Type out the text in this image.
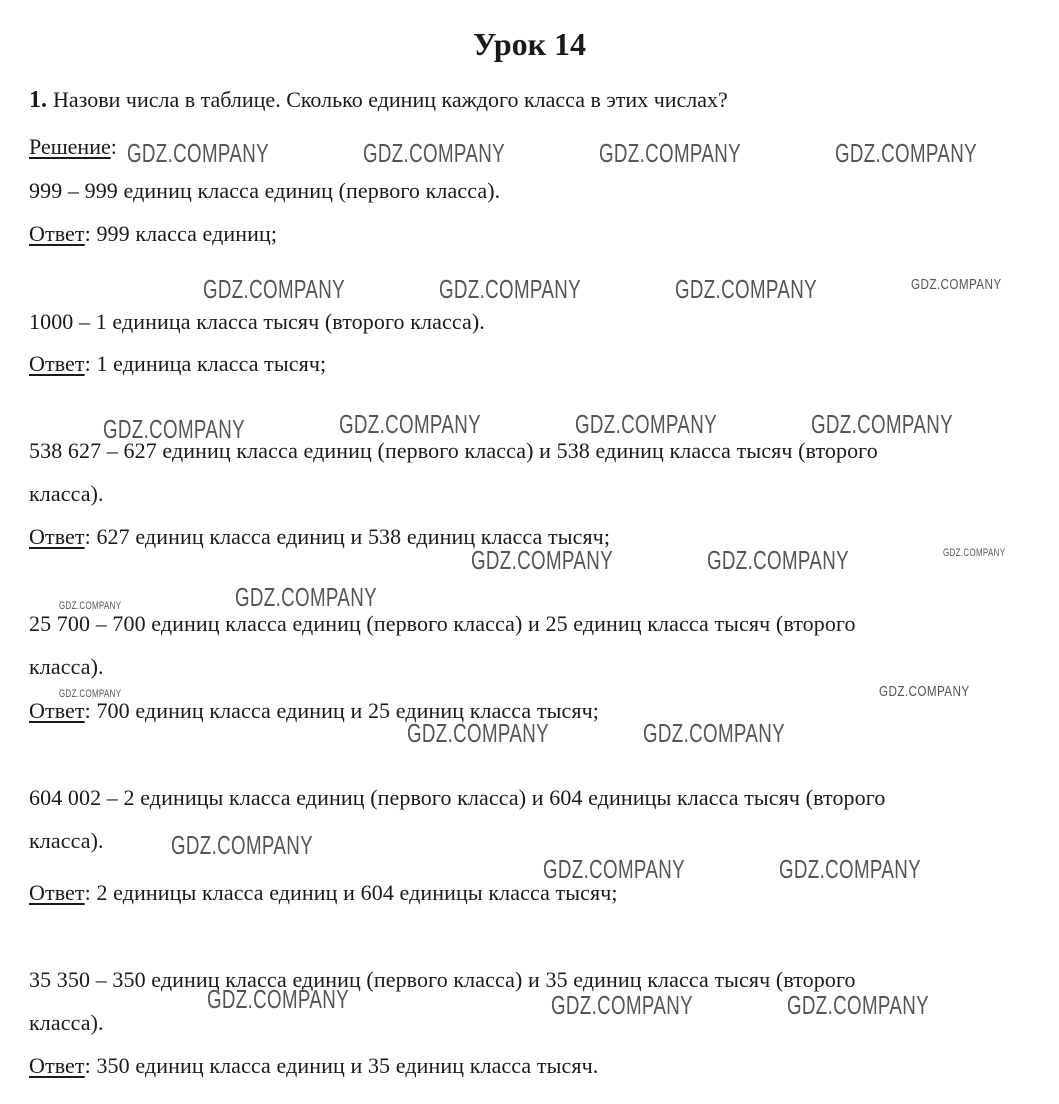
Урок 14
1. Назови числа в таблице. Сколько единиц каждого класса в этих числах?
Решение:
999 – 999 единиц класса единиц (первого класса).
Ответ: 999 класса единиц;
1000 – 1 единица класса тысяч (второго класса).
Ответ: 1 единица класса тысяч;
538 627 – 627 единиц класса единиц (первого класса) и 538 единиц класса тысяч (второго
класса).
Ответ: 627 единиц класса единиц и 538 единиц класса тысяч;
25 700 – 700 единиц класса единиц (первого класса) и 25 единиц класса тысяч (второго
класса).
Ответ: 700 единиц класса единиц и 25 единиц класса тысяч;
604 002 – 2 единицы класса единиц (первого класса) и 604 единицы класса тысяч (второго
класса).
Ответ: 2 единицы класса единиц и 604 единицы класса тысяч;
35 350 – 350 единиц класса единиц (первого класса) и 35 единиц класса тысяч (второго
класса).
Ответ: 350 единиц класса единиц и 35 единиц класса тысяч.
GDZ.COMPANY	GDZ.COMPANY	GDZ.COMPANY	GDZ.COMPANY
GDZ.COMPANY	GDZ.COMPANY	GDZ.COMPANY	GDZ.COMPANY
GDZ.COMPANY	GDZ.COMPANY	GDZ.COMPANY	GDZ.COMPANY
GDZ.COMPANY	GDZ.COMPANY	GDZ.COMPANY
GDZ.COMPANY
GDZ.COMPANY
GDZ.COMPANY	GDZ.COMPANY
GDZ.COMPANY	GDZ.COMPANY
GDZ.COMPANY
GDZ.COMPANY	GDZ.COMPANY
GDZ.COMPANY	GDZ.COMPANY	GDZ.COMPANY
